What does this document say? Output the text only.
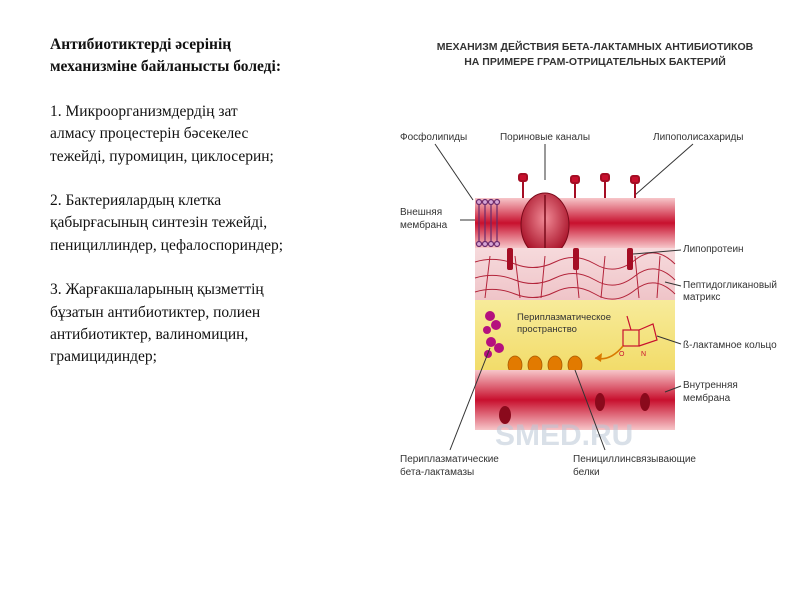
Антибиотиктерді әсерінің

механизміне байланысты боледі:

1. Микроорганизмдердің зат

алмасу процестерін бәсекелес

тежейді, пуромицин, циклосерин;

2. Бактериялардың клетка

қабырғасының синтезін тежейді,

пенициллиндер, цефалоспориндер;

3. Жарғакшаларының қызметтің

бұзатын антибиотиктер, полиен

антибиотиктер, валиномицин,

грамицидиндер;

МЕХАНИЗМ ДЕЙСТВИЯ БЕТА-ЛАКТАМНЫХ АНТИБИОТИКОВ
НА ПРИМЕРЕ ГРАМ-ОТРИЦАТЕЛЬНЫХ БАКТЕРИЙ
Фосфолипиды	Пориновые каналы	Липополисахариды
Периплазматическое
пространство
O N
Внешняя
мембрана
Липопротеин
Пептидогликановый
матрикс
ß-лактамное кольцо
Внутренняя
мембрана
SMED.RU
Периплазматические
бета-лактамазы
Пенициллинсвязывающие
белки
